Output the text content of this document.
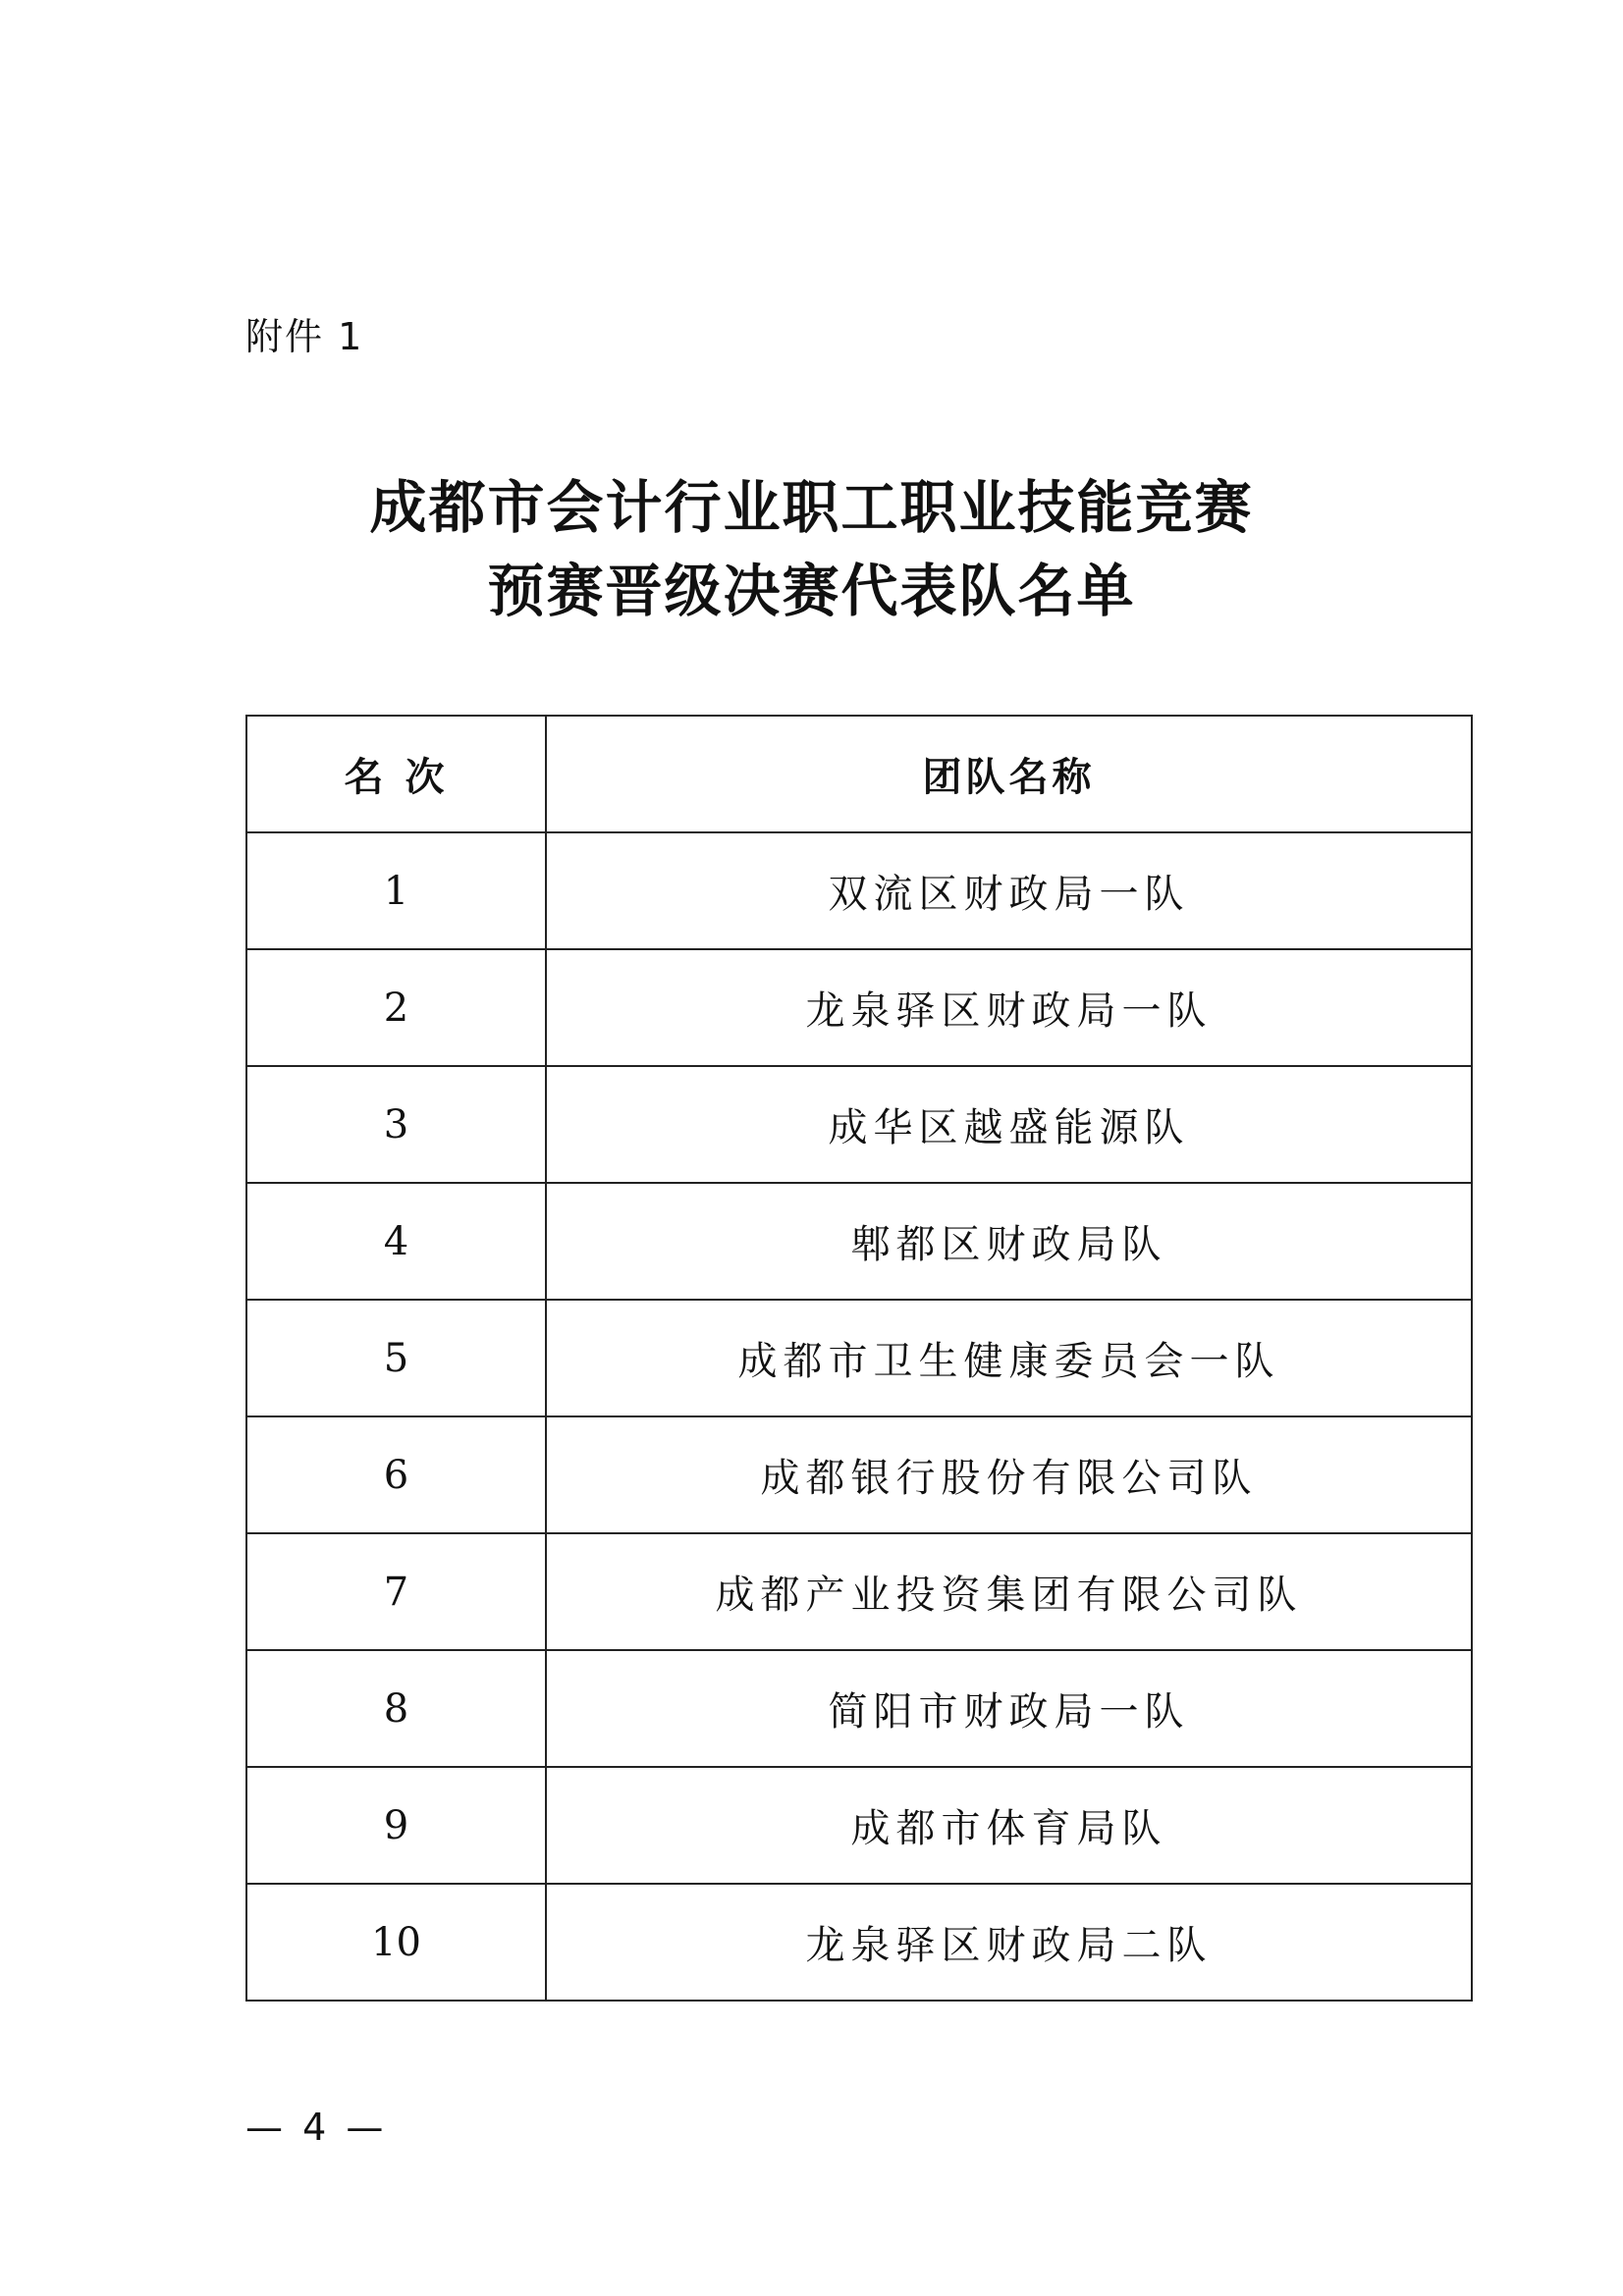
附件 1
成都市会计行业职工职业技能竞赛
预赛晋级决赛代表队名单
名 次	团队名称
1	双流区财政局一队
2	龙泉驿区财政局一队
3	成华区越盛能源队
4	郫都区财政局队
5	成都市卫生健康委员会一队
6	成都银行股份有限公司队
7	成都产业投资集团有限公司队
8	简阳市财政局一队
9	成都市体育局队
10	龙泉驿区财政局二队
— 4 —
